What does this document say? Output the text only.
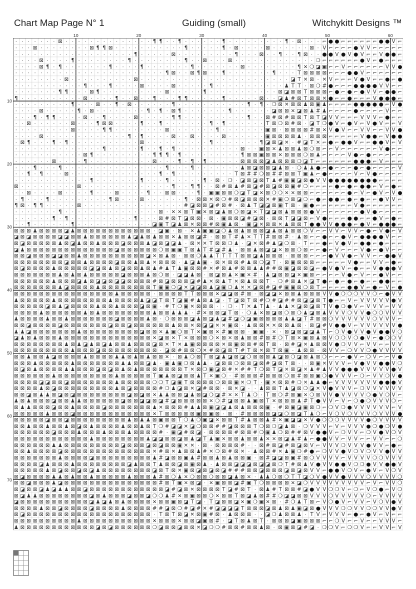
Chart Map Page N° 1	Guiding (small)	Witchykitt Designs ™
10	20	30	40	50	60
10
20
30
40
50
60
70
· · · · · · · ⊠ · · · · · · · · · · · · · · ¶ ¶ · · ¶ · · · · · · ¶ · · · · · · · · · ¶ · ⊠ · · · ⌐ ● ● ⌐ ⌐ ⌐ ⌐ ⌐ ⌐ ● ● V ⌐
· · · ⊠ · · · · · · · · ⊠ ¶ ¶ ⊠ · · · · · · · · · · · ¶ · · · · · ¶ · ⊠ · · · · ⊠ · · · · · · ⊠ · V ⌐ ⌐ ⌐ ⌐ ● V V ⌐ ⌐ ⌐ ⌐ ⌐
· · · · · · · · · · · · · · · · · · · ¶ · · · · · ⊠ · · · · · · · · · ¶ · · · ⊠ · · ¶ · · ¶ ⊠ · · ● ● V ● V ● V ⌐ ⌐ V ● ● ⌐
· · · · ⊠ · · · · ¶ · · · · · · · · ¶ · · · · · · · · ¶ · · ⊠ · · · ⊠ · · · · · · · · · · · · · ❍ ⌐ ⌐ ⌐ ⌐ ⌐ ⌐ ● V ⌐ ● ⌐ ⌐ ⌐
· · · · ⊠ ¶ · ¶ · · · · · · · ¶ · · · · ¶ · · · · · · · ¶ · · · · · · · ⊠ · · · · · · · · ¶ ✕ ❍ ◪ ▣ ⌐ ⌐ V ⌐ ⌐ ⌐ ⌐ ⌐ ⌐ V V ●
· · · · · · · · · · · · · · · · · · · · · · · · ¶ ⊠ · · ⊠ ¶ ⊠ · · ¶ · · · · · · · ¶ · · · T ⊠ ⊠ ⊠ ⊠ ⌐ ⌐ ⌐ ● ● V ⌐ ⌐ ⌐ ⌐ ⌐ ⌐
· · · · · · · · ⊠ · · · · · · · · · · ⊠ · · · · · · · · · · · · · · · · · · · · · · · · ◪ T ✕ ⊠ · ✕ V ⌐ ⌐ ⌐ V ● V ⌐ ⌐ ● ⌐ ●
· · · · · · · · · · · ¶ · · · ¶ · · · · ⊠ · · · · ⊠ · · · · · ¶ · · · · · · · · · · · ♟ T T · ⊠ ❍ # ● ⌐ ⌐ ⌐ ● ● ● ● V V ⌐ ⌐
· · · · · · · ¶ ¶ · · · ⊠ ¶ · · · · · · · · · · ⊠ · · · · · ¶ · · · · · · · · · · · ⊠ ◪ ⊠ ⊠ T ⊠ ⊠ ⊠ ⌐ ● ⌐ ● ⌐ ● V V ⌐ ● ● ⌐
¶ · · · · · · · · · · ⊠ · · · · ¶ · · ⊠ · · ¶ · · · ¶ ¶ · · · · · ¶ · · · · · ⊠ · · ◪ ♟ # ⊠ T ⊠ ⊠ ✕ ● ⌐ ⌐ ● ⌐ ⌐ ⌐ V ● ● ● ⌐
· · · · · · · · · ¶ · · · ⊠ · · ¶ · ⊠ · · · · · · ¶ · · · · · · · · · · · ¶ · ¶ · ❍ ⊠ ✕ ⊠ ⊠ ♟ ⊠ ▣ ♟ ⌐ ⌐ ⌐ ⌐ ● ● ● ● ● ⌐ V ●
· · · · ⊠ · · · · · ¶ · ⊠ · · · · · · · · ¶ · ¶ · ⊠ ¶ · · · · · · · ¶ · · · · · · ◪ ⊠ ⊠ ✕ ◪ ⊠ ♟ # ♟ ⌐ ⌐ ⌐ ⌐ ● ⌐ ⌐ ⌐ ⌐ V ⌐ ⌐
· · · ¶ · ¶ ¶ · · · · ⊠ · · ¶ · · · · ⊠ · · · · · ¶ ¶ · · · · · · · · · · ¶ · · ⊠ # ⊠ # ⊠ ⊠ T ⊠ T ◪ V V ⌐ ⌐ ⌐ V V V ⌐ ● ⌐ ⌐
· · ⊠ · · · · · · ⊠ · · · ¶ ⊠ ⊠ · · · · ¶ · · ¶ · · · · · · · ¶ · ¶ · · · · · · T ⊠ ❍ ⊠ # ⊠ · ◪ T ❍ ● V ⌐ ● V ⌐ V ● V ⌐ ⌐ V
· · · · · · · · · ⊠ · · · · ¶ ¶ · · · · · · · · ⊠ · · · · · · · ¶ · · · · · · · ▣ ⊠ · ⊠ ⊠ ⊠ ⊠ # ⊠ ✕ V ● V ⌐ ⌐ V V ⌐ ⌐ V V ●
· · · · ⊠ · · · · · · · · · · · · · ¶ · ¶ · · · · ⊠ · · ⊠ · · · · ⊠ · · · · · · ▣ ⊠ ⊠ ⊠ ⊠ ♟ · ⊠ ⊠ ⊠ ⌐ ⌐ ⌐ ⌐ ⌐ V ● ● ⌐ V ● ●
· ⊠ ¶ · · · ¶ · ¶ · · · · · · · · · · · ⊠ · · · · · · · · · · ¶ · · · · · · · ¶ ◪ ⊠ ◪ ✕ · # ◪ T ✕ ⌐ ● ⌐ ● ● V ⌐ ⌐ ● ● V ⌐ V
· · · · · · · · · · · · · · ¶ · · · · · ¶ · · ¶ · ¶ · · · · · · · · · · ⊠ · · ▣ ⊠ ✕ ♟ ⊠ ⊠ ♟ ⊠ ❍ ⊠ ⌐ ⌐ V ⌐ ⌐ ⌐ ⌐ ⌐ ⌐ V ● ⌐ ⌐
· · · · · · · · · · · ⊠ ¶ · · · · · · · · · ¶ ¶ ¶ · ¶ · · · · · · · · · ¶ ⊠ ⊠ ▣ ⊠ ⊠ ✕ ⊠ ⊠ ⊠ ❍ ⊠ ♟ ⌐ ⌐ ⌐ ⌐ V ● ⌐ ● ⌐ ⌐ ⌐ ⌐ ⌐
· · · · · · ⊠ · · · · ¶ · · · · · · · · · · ⊠ · · · ¶ · ¶ · ¶ · · · · · ⊠ ⊠ ⊠ ⊠ ◪ ♟ ⊠ ⊠ ⊠ ❍ ◪ T ⌐ ⌐ ⌐ ⌐ ⌐ ⌐ ● ● ● ⌐ V ⌐ ⌐ ⌐
· · · ¶ · · · ¶ · · · · · · · · · · · · · · · · ¶ · · · ¶ · · · · · · · ♟ ⊠ ◪ ⊠ ⊠ ◪ ♟ ⊠ · ❍ ♟ ♟ ● ⌐ ● ⌐ ⌐ ⌐ ● ⌐ ● ⌐ ⌐ ⌐ ⌐ V
· · ¶ · ¶ · · · ⊠ · · · · · · · · · · · · · · ¶ · ¶ · · · · · · · · · T ⊠ # # ❍ ⊠ # # ⊠ ⊠ T ▣ ♟ ⌐ ● ⌐ ⌐ ⌐ ⌐ V ⌐ V ● ⌐ ⌐ ⌐ ⌐
· · · · · · · · · · · · ¶ · · · · · · · ¶ · · · ¶ · · · · · ¶ · ⊠ · ❍ · ◪ ⊠ ◪ ⊠ T ♟ # ▣ ▣ ◪ ⊠ ● V V ● ● ● ● ● ● ● ● ⌐ ⌐ ⌐ ⌐
⊠ · · · · · · · · · ⊠ · · · · · · · · · · · · · · ¶ · · ¶ ¶ · · ⊠ # ⊠ ♟ # ⊠ ◪ # ⊠ ◪ ⊠ ⊠ ▣ # ❍ ⌐ ⌐ ⌐ ⌐ ● ⌐ ● ⌐ ● ● ⌐ V ⌐ ● ⌐
· · ⊠ · · · · ⊠ · · · · ¶ · · · ⊠ · · · · ¶ · · ⊠ ⊠ · · · ¶ · ▣ ▣ ⊠ ⊠ ❍ ◪ T ◪ ✕ ⊠ ❍ ❍ ✕ ✕ ⊠ ⊠ ⌐ ⌐ ⌐ ⌐ ⌐ ⌐ ● ⌐ V ⌐ ● V ⌐ V ●
· ¶ · · · ¶ · · · · · · · · · ¶ ⊠ · · · ⊠ · · · · · · ¶ · ⊠ ⊠ ✕ ⊠ ❍ # ⊠ ◪ ⊠ ⊠ ⊠ ✕ # ▣ ❍ ⊠ ◪ ❍ ⌐ ● ⌐ ● ● ⌐ ● ⌐ ● ⌐ ⌐ ● V V ⌐
¶ ⊠ · ¶ ¶ · · · · · ⊠ · · · · · · · · · · · · · · · · # ◪ ⊠ ⊠ ◪ # ⊠ # · ⊠ ♟ T ◪ ◪ ⊠ ▣ T ⊠ · ▣ ● ⌐ ⌐ ⌐ ⌐ ⌐ ⌐ V ● ⌐ ⌐ ⌐ ⌐ ⌐ ⌐
· · · · · · · ¶ · · · · · · · · · · · · · · · ⊠ · ✕ ✕ ⊠ T ▣ ✕ ⊠ ◪ ♟ ⊠ ❍ ⊠ ◪ ✕ T ◪ ◪ ⊠ ♟ ⊠ ⊠ ⊠ ● V ⌐ ⌐ ⌐ ⌐ ⌐ ⌐ ● V ● ⌐ ⌐ ⌐ ⌐
· · · · · · ¶ · ¶ · · · · · · · · · · ¶ · · · ⊠ # ⊠ T ◪ ⊠ ⊠ · ⊠ · ▣ ⊠ ⊠ ◪ # ◪ ⊠ · ⊠ ⊠ T ◪ ◪ ⊠ ⌐ V ● ⌐ ⌐ ⌐ ● ● ⌐ ⌐ ● V ⌐ ● ⌐
· · ¶ · · · · · · ¶ · · · · · · · · · · · · ◪ ▣ T ◪ ♟ ⊠ ✕ ⊠ ⊠ # ⊠ ▣ ♟ ⊠ · ▣ ◪ ✕ ⊠ ⊠ ✕ ♟ ⊠ ⊠ T ● ● V V ● ● ● ⌐ ● V ⌐ ● ● ● ⌐
⊠ ⊠ ⊠ ♟ ⊠ ⊠ ⊠ ⊠ ◪ ♟ ⊠ ⊠ ⊠ ⊠ ⊠ ⊠ ⊠ ⊠ ⊠ ⊠ ⊠ ⊠ · ◪ ▣ · ⊠ · ✕ ♟ ▣ ▣ ◪ ❍ ♟ ⊠ ♟ ⊠ ⊠ ⊠ ◪ ♟ ⊠ ♟ ⊠ ⊠ ❍ V ⌐ ⌐ V V ⌐ V V ⌐ ● ⌐ V ● ⌐ V
◪ ⊠ ◪ ⊠ ⊠ ⊠ ⊠ ◪ ◪ ⊠ ⊠ ♟ ⊠ ⊠ ⊠ ⊠ ⊠ ⊠ ♟ ◪ ♟ ⊠ ♟ ⊠ ⊠ ✕ ♟ ⊠ ⊠ ◪ # · ⊠ ⊠ T # ♟ ✕ T T # ⊠ ⊠ # · ♟ ⊠ ⌐ ⌐ ● ⌐ ⌐ ● V ⌐ ● ● ● ● V ⌐ ⌐
⊠ ◪ ⊠ ⊠ ⊠ ⊠ ⊠ ♟ ⊠ ◪ ♟ ⊠ ⊠ ♟ ⊠ ⊠ ⊠ ◪ ⊠ ⊠ ⊠ ♟ ◪ ⊠ ◪ ◪ ♟ · ⊠ ✕ ✕ T ⊠ ⊠ ❍ ♟ · ◪ ✕ ⊠ # ♟ ◪ ❍ ⊠ · T ⌐ ⌐ ● ⌐ V ● V ⌐ ● ● ⌐ ● ⌐ ⌐ ⌐
◪ ♟ ⊠ ⊠ ⊠ ⊠ ⊠ ⊠ ⊠ ⊠ ⊠ ⊠ ⊠ ⊠ ⊠ ⊠ ◪ ⊠ ⊠ ⊠ ⊠ ⊠ ⊠ ❍ ⊠ ▣ ▣ T ⊠ ♟ T # ◪ # ♟ · ⊠ ⊠ ♟ ⊠ ◪ ◪ ✕ ⊠ ⊠ ❍ ⊠ ⌐ ⌐ ● ⌐ V ⌐ ⌐ ⌐ V ● ⌐ ● V ⌐ ⌐
⊠ ⊠ ◪ ⊠ ⊠ ⊠ ◪ ◪ ⊠ ⊠ ♟ ⊠ ⊠ ⊠ ⊠ ⊠ ⊠ ⊠ ⊠ ⊠ ⊠ ◪ ✕ ⊠ ♟ ⊠ · ⊠ ⊠ ❍ ♟ ♟ T T T T ⊠ ⊠ ◪ ♟ ⊠ ⊠ ⊠ · ⊠ ⊠ ⊠ ⌐ ⌐ ⌐ ● V V ● ⌐ V V ⌐ ⌐ ● ● V
⊠ ⊠ ⊠ ⊠ ⊠ ⊠ ⊠ ⊠ ◪ ⊠ ⊠ ♟ ⊠ ⊠ ⊠ ⊠ ◪ ⊠ ⊠ ♟ ⊠ ♟ ✕ ⊠ ⊠ ⊠ · ♟ ◪ ♟ ▣ · ⊠ ✕ ⊠ ⊠ # ♟ ⊠ ❍ ◪ T · ⊠ ▣ ⊠ ⊠ ⊠ ⌐ ⌐ ⌐ ⌐ ⌐ V ● ⌐ ⌐ V V ⌐ ● ⌐
⊠ ◪ ⊠ ⊠ ⊠ ⊠ ♟ ⊠ ⊠ ⊠ ⊠ ⊠ ◪ ◪ ⊠ ♟ ⊠ ◪ ⊠ ⊠ ♟ ⊠ ♟ # ♟ T ♟ ▣ ⊠ ⊠ # ✕ # ⊠ ♟ # ⊠ ⊠ ♟ ♟ # # ⊠ ▣ ◪ ⊠ ⊠ ◪ ⌐ ● V ● V ⌐ ● ⌐ ⌐ V ● ● ● V
⊠ ⊠ ⊠ ⊠ ⊠ ⊠ ⊠ ♟ ⊠ ♟ ⊠ ♟ ⊠ ⊠ ⊠ ⊠ ⊠ ◪ ⊠ ⊠ ⊠ ♟ ⊠ ❍ ⊠ · ◪ ◪ ♟ ⊠ · ⊠ ◪ ⊠ ♟ ✕ ▣ ✕ # · ♟ ◪ ⊠ ⊠ ◪ ✕ ▣ ⊠ ⌐ ⌐ ⌐ ⌐ V ● ⌐ V ⌐ ⌐ ● V ⌐ ⌐
⊠ ⊠ ⊠ ⊠ ⊠ ⊠ ♟ ⊠ ⊠ ⊠ ◪ ♟ ⊠ ◪ ◪ ⊠ ◪ ◪ ⊠ ⊠ ⊠ ⊠ # ⊠ ◪ ⊠ ⊠ ⊠ ◪ # ♟ ✕ ⊠ ♟ T ✕ ⊠ ♟ ⊠ ⊠ T · ❍ # ⊠ ♟ ✕ ◪ T ● ⌐ ● ⌐ ● ⌐ ● ⌐ ⌐ ● ● ⌐ ⌐
⊠ ⊠ ⊠ ⊠ ⊠ ⊠ ⊠ ♟ ◪ ⊠ ⊠ ⊠ ⊠ ♟ ⊠ ⊠ ⊠ ⊠ ⊠ ⊠ ⊠ ⊠ T ▣ ▣ ❍ ◪ ✕ ◪ ◪ ⊠ ♟ ◪ ▣ ❍ ♟ ✕ ✕ ◪ ⊠ # ◪ # ▣ ▣ ⊠ ❍ ⊠ T ⌐ ⌐ ⌐ ⌐ ● ● V ⌐ ● ⌐ V ⌐ ●
⊠ ⊠ ⊠ ⊠ ⊠ ⊠ ⊠ ⊠ ⊠ ⊠ ⊠ ⊠ ⊠ ⊠ ⊠ ⊠ ♟ ⊠ ⊠ ⊠ ⊠ ⊠ · ⊠ ⊠ ⊠ ⊠ T T ⊠ ⊠ ⊠ ✕ ◪ ◪ ⊠ # ⊠ · ⊠ ◪ ◪ ✕ ⊠ ⊠ ♟ ⊠ ⊠ ⊠ V V ● ❍ ❍ ❍ V V ❍ ⌐ ● V V
♟ ⊠ ⊠ ⊠ ⊠ ⊠ ♟ ⊠ ⊠ ⊠ ⊠ ⊠ ⊠ ⊠ ⊠ ♟ ⊠ ⊠ ⊠ ⊠ ♟ ◪ ◪ T ⊠ T ◪ ▣ # ♟ ⊠ ♟ ◪ · T ◪ ⊠ T ⊠ # ❍ # ◪ # # ⊠ ◪ ◪ ⊠ T ● ⌐ ⌐ V ⌐ V V V V V ● V
⊠ ⊠ ⊠ ⊠ ⊠ ◪ ⊠ ♟ ◪ ⊠ ⊠ ⊠ ⊠ ♟ ⊠ ⊠ ♟ ⊠ ⊠ ⊠ ◪ ⊠ ▣ · # T ❍ ▣ ✕ ⊠ ⊠ ⊠ · · ❍ · T ✕ ♟ T ♟ · ♟ ♟ ✕ ◪ ⊠ ◪ ⊠ T V ● ❍ ● V ⌐ V V V ⌐ V V
⊠ ⊠ ⊠ ⊠ ♟ ⊠ ⊠ ⊠ ⊠ ⊠ ⊠ ♟ ⊠ ♟ ⊠ ⊠ ⊠ ⊠ ⊠ ⊠ ⊠ ⊠ ♟ ⊠ ⊠ ♟ ♟ ♟ · # ✕ ⊠ ⊠ ◪ T ⊠ · ❍ ♟ ✕ ⊠ ◪ ⊠ ❍ ⊠ ❍ ♟ ◪ ⊠ ♟ V V V ❍ V V ● ❍ ❍ V V V
♟ ⊠ ⊠ ⊠ ⊠ ♟ ⊠ ⊠ ♟ ⊠ ⊠ ⊠ ⊠ ⊠ ⊠ ⊠ ◪ ⊠ ⊠ ⊠ ⊠ ♟ ⊠ · ❍ ⊠ ⊠ ⊠ ◪ ♟ ⊠ ◪ ♟ ◪ # ◪ ❍ ◪ ▣ ⊠ ⊠ ⊠ ⊠ ♟ ♟ ◪ T # ⊠ ⊠ ❍ V V V V V V ❍ V V V ⌐
⊠ ⊠ ◪ ⊠ ⊠ ⊠ ⊠ ◪ ⊠ ⊠ ⊠ ⊠ ⊠ ⊠ ⊠ ◪ ⊠ ⊠ ◪ ⊠ ⊠ ⊠ ⊠ ⊠ ⊠ ♟ ⊠ ⊠ ✕ ⊠ ◪ ◪ ✕ ✕ ▣ ⊠ · ♟ ⊠ ⊠ ✕ ✕ ⊠ ⊠ ♟ ⊠ · ⊠ ◪ # V ● ● V ⌐ V V V V V V ●
♟ ♟ ◪ ⊠ ⊠ ⊠ ⊠ ⊠ ⊠ ⊠ ♟ ⊠ ⊠ ⊠ ⊠ ⊠ ⊠ ⊠ ⊠ ⊠ ◪ ⊠ ⊠ ✕ ♟ ▣ ❍ ⊠ T ✕ ▣ ⊠ ✕ # ▣ ⊠ ⊠ · ▣ ▣ · ✕ · ⊠ ◪ ⊠ ◪ ◪ ♟ T ⌐ ❍ V ● V V ● V ● ● V ❍
◪ ♟ ⊠ ♟ ⊠ ⊠ ⊠ ♟ ⊠ ⊠ ⊠ ⊠ ⊠ ⊠ ⊠ ⊠ ⊠ ⊠ ⊠ ⊠ ⊠ ⊠ ✕ ◪ ⊠ ✕ T ✕ ⊠ ⊠ ⊠ ❍ ✕ ⊠ ✕ ⊠ ♟ ⊠ ⊠ # ⊠ # ❍ T ⊠ ✕ ▣ ⊠ ♟ ⊠ V ❍ ❍ V ❍ ● V ⌐ ● ❍ ❍ V
⊠ ⊠ ⊠ ⊠ ⊠ ⊠ ⊠ ⊠ ♟ ⊠ ♟ ◪ ♟ ⊠ ◪ ♟ ⊠ ⊠ ♟ ⊠ ⊠ ⊠ ◪ ⊠ ✕ T ✕ ♟ ▣ ⊠ ⊠ ⊠ ⊠ ✕ ⊠ ▣ ⊠ ⊠ # ⊠ T ⊠ · ⊠ # ◪ ✕ ♟ ⊠ ⊠ V ● ❍ V V ⌐ V V ⌐ ⌐ V V
⊠ ⊠ ⊠ ⊠ ⊠ ⊠ ⊠ ⊠ ⊠ ♟ ⊠ ⊠ ⊠ ◪ ⊠ ⊠ ⊠ ⊠ ⊠ ⊠ ⊠ ⊠ ⊠ · ◪ ⊠ # ⊠ ⊠ ❍ ✕ # ⊠ ◪ ⊠ T # T ⊠ ✕ ⊠ T ⊠ ▣ · ♟ ⊠ ⊠ · ⊠ V V ⌐ ❍ V V ❍ ● V V V V
⊠ ⊠ ♟ ⊠ ⊠ ♟ ◪ ⊠ ⊠ ⊠ ⊠ ♟ ⊠ ⊠ ⊠ ⊠ ♟ ♟ ⊠ ♟ ⊠ ♟ ⊠ ⊠ ✕ · ⊠ ♟ ❍ ⊠ T ⊠ ◪ ♟ ◪ ⊠ ◪ ❍ ⊠ ⊠ ⊠ ♟ ◪ ⊠ ❍ ◪ ⊠ ♟ ⊠ ❍ ⌐ ⌐ ⌐ ● V ⌐ ❍ V ⌐ ⌐ V ●
⊠ ⊠ ⊠ ♟ ⊠ ⊠ ⊠ ⊠ ⊠ ♟ ⊠ ⊠ ⊠ ⊠ ⊠ ⊠ ⊠ ♟ ♟ ⊠ ⊠ ◪ ♟ · ▣ ♟ ▣ ❍ ⊠ ♟ ♟ · ◪ ⊠ ⊠ ❍ ⊠ ⊠ ◪ ⊠ # ◪ ⊠ T ⊠ · · ⊠ ▣ ✕ V V V ⌐ V ● V V ● ● V ❍
⊠ ◪ ⊠ ♟ ⊠ ⊠ ⊠ ⊠ ♟ ♟ ⊠ ⊠ ⊠ ◪ ⊠ ◪ ⊠ ♟ ⊠ ♟ ⊠ ⊠ ⊠ ⊠ ⊠ ⊠ ⊠ T ✕ ⊠ ❍ ▣ ◪ ⊠ # ✕ # # T ❍ ⊠ T ◪ ✕ ⊠ ◪ ✕ ♟ # ♟ V V ● ● ● V V V V V ● V
⊠ ⊠ ⊠ ⊠ ⊠ ⊠ ♟ ⊠ ⊠ ⊠ ⊠ ⊠ ⊠ ⊠ ⊠ ⊠ ♟ ⊠ ⊠ ⊠ ⊠ ⊠ T ▣ ♟ ⊠ ◪ ⊠ ⊠ ♟ T ✕ ▣ ❍ · # ⊠ ⊠ ⊠ # ⊠ ⊠ ⊠ ❍ ⊠ # ⊠ ⊠ ▣ ❍ ● V V V ⌐ ❍ ⌐ V V ❍ V ●
⊠ ⊠ ⊠ ⊠ ◪ ◪ ⊠ ⊠ ◪ ⊠ ⊠ ⊠ ⊠ ⊠ ⊠ ⊠ ♟ ⊠ ⊠ ⊠ ⊠ ⊠ ❍ ❍ T ◪ ▣ T ⊠ ⊠ ⊠ ⊠ ❍ ⊠ ⊠ ▣ ✕ ❍ T · ▣ ✕ ⊠ ⊠ # ❍ ✕ ♟ ♟ ● ⌐ V V V V V V V ● ● ● V
⊠ ⊠ ⊠ ⊠ ♟ ⊠ ◪ ⊠ ⊠ ⊠ ⊠ ⊠ ⊠ ⊠ ⊠ ⊠ ♟ ⊠ ◪ ⊠ ⊠ ⊠ ⊠ # ❍ ♟ ◪ ⊠ ✕ ◪ # ⊠ ⊠ · ⊠ ✕ ◪ · · ♟ ⊠ ⊠ T ♟ ◪ ⊠ ❍ ◪ ✕ V ● V V V ⌐ ❍ V V V V V V
⊠ ⊠ ◪ ⊠ ♟ ♟ ⊠ ◪ ⊠ ◪ ⊠ ⊠ ⊠ ⊠ ⊠ ⊠ ⊠ ⊠ ◪ ⊠ ◪ ⊠ ✕ ♟ ♟ ⊠ ⊠ ◪ ♟ ⊠ ◪ ❍ ◪ # ✕ ✕ T ♟ ❍ · T ⊠ ❍ # ⊠ ▣ ✕ ❍ ⊠ V V ● V V V V ❍ ● V ❍ V ⌐
♟ ⊠ ♟ ⊠ ⊠ ⊠ ◪ ⊠ ⊠ ♟ ♟ ⊠ ⊠ ⊠ ⊠ ⊠ ⊠ ◪ ⊠ ⊠ ◪ ◪ ⊠ ◪ # ◪ ⊠ ⊠ ⊠ ⊠ ⊠ ✕ ❍ # ◪ ⊠ ⊠ ♟ ▣ ⊠ T ✕ ⊠ ⊠ ⊠ ♟ # T ● V V ⌐ V ⌐ ❍ ● ❍ V V V ❍ ⌐
⊠ ♟ ♟ ⊠ ⊠ ⊠ ◪ ⊠ ⊠ ♟ ⊠ ⊠ ⊠ ⊠ ◪ ⊠ ⊠ ⊠ ⊠ ⊠ ⊠ ⊠ ♟ ✕ ⊠ ⊠ ⊠ # ♟ ♟ ⊠ ▣ ◪ ◪ ♟ ⊠ ♟ ⊠ ⊠ ⊠ ▣ · # ⊠ ▣ ◪ ▣ ⊠ ❍ ⌐ ❍ V ❍ ● V V V V V V ⌐ V
⊠ ⊠ ⊠ ⊠ ⊠ ♟ ⊠ ⊠ ⊠ ◪ ⊠ ⊠ ⊠ ⊠ ⊠ ⊠ ⊠ ⊠ ⊠ ⊠ ⊠ ⊠ ✕ T ⊠ ⊠ ⊠ ⊠ ⊠ ▣ ⊠ ▣ ⊠ · ⊠ · # ⊠ ⊠ ⊠ ⊠ ◪ ◪ ❍ ⊠ ◪ T ♟ ❍ ⌐ V ❍ V ❍ V V V ❍ V V V ●
⊠ ⊠ ⊠ ⊠ ⊠ ◪ ⊠ ⊠ ◪ ⊠ ⊠ ⊠ ⊠ ⊠ ⊠ ⊠ ⊠ ⊠ ♟ ⊠ ♟ ♟ ⊠ ▣ ⊠ ⊠ T ❍ ♟ ❍ ▣ ◪ ✕ ⊠ ⊠ T # ♟ ⊠ ⊠ ♟ # ✕ ▣ ◪ ◪ ✕ V ● ❍ ❍ ❍ V V V V ● ❍ V V V V
⊠ ⊠ ♟ ⊠ ⊠ ♟ ⊠ ⊠ ♟ ⊠ ◪ ⊠ ♟ ⊠ ⊠ ⊠ ⊠ ♟ ⊠ ⊠ ♟ ⊠ T ❍ # ◪ ◪ ✕ ◪ ❍ ⊠ ⊠ # # ◪ ⊠ ⊠ ⊠ T ❍ ⊠ ❍ ◪ ♟ ⊠ · ❍ V V V ⌐ V ⌐ V V V ● ❍ ● ❍ V ●
⊠ ⊠ ⊠ ⊠ ⊠ ⊠ ◪ ⊠ ⊠ ⊠ ♟ ⊠ ⊠ ⊠ ♟ ⊠ ⊠ ⊠ ♟ ⊠ ⊠ ⊠ ⊠ # · ▣ ◪ # ⊠ ◪ · ⊠ ⊠ ⊠ ⊠ # ⊠ ⊠ # ❍ ▣ ♟ ❍ ⊠ # # ⊠ V ● ● V ⌐ ❍ V V ⌐ ❍ V ● V ❍ V
⊠ ⊠ ⊠ ⊠ ⊠ ⊠ ⊠ ⊠ ⊠ ⊠ ⊠ ⊠ ♟ ⊠ ⊠ ⊠ ⊠ ⊠ ⊠ ⊠ ⊠ ♟ ◪ ◪ ⊠ ⊠ ◪ ⊠ ♟ ◪ T ♟ ▣ ✕ ⊠ ⊠ ♟ ⊠ ⊠ ♟ ✕ ✕ ⊠ ◪ ♟ # ♟ ⌐ ● ● V V ⌐ V V ⌐ ⌐ V V ⌐ ⌐ ❍
⊠ ⊠ ⊠ ⊠ ⊠ ⊠ ♟ ♟ ⊠ ⊠ ⊠ ⊠ ⊠ ⊠ ⊠ ⊠ ⊠ ◪ ⊠ ⊠ ⊠ ◪ ⊠ ◪ ⊠ ⊠ ▣ ✕ ✕ · ⊠ · ⊠ ⊠ ⊠ ⊠ # · · ⊠ # ⊠ ◪ # ⊠ ◪ ⊠ V ⌐ V V V ❍ V V V ● V V ⌐ ● ⌐
⊠ ⊠ ♟ ⊠ ⊠ ⊠ ⊠ ◪ ⊠ ⊠ ⊠ ⊠ ⊠ ⊠ ⊠ ⊠ ⊠ ⊠ ⊠ ⊠ ⊠ ⊠ ✕ # ⊠ ✕ ♟ ⊠ ⊠ ♟ # ✕ ❍ ⊠ # ⊠ ✕ · ♟ ⊠ ⊠ # ✕ ♟ ▣ ❍ # ● ⌐ ❍ V V ● V ❍ V ❍ V V ● V V
⊠ ⊠ ⊠ ⊠ ⊠ ⊠ ⊠ ♟ ⊠ ⊠ ⊠ ⊠ ◪ ⊠ ⊠ ⊠ ⊠ ⊠ ⊠ ⊠ ⊠ ⊠ ♟ # ◪ ⊠ ⊠ ▣ ♟ # ⊠ ⊠ ♟ ⊠ ♟ ⊠ ⊠ ▣ · ⊠ # ◪ ◪ ⊠ ▣ # ⊠ ❍ V V V V ⌐ V V V V ❍ ❍ V V V
⊠ ⊠ ⊠ ⊠ ◪ ♟ ⊠ ⊠ ⊠ ♟ ⊠ ⊠ ⊠ ⊠ ⊠ ⊠ ⊠ ⊠ ◪ ♟ ⊠ ⊠ T ♟ ⊠ ⊠ ◪ ⊠ ▣ ⊠ ♟ · ♟ ⊠ ⊠ ◪ ◪ ◪ ⊠ ◪ ◪ ⊠ ❍ T # ⊠ ♟ V ● V V ● ● V ❍ ❍ ● V V ● ● V
⊠ ⊠ ⊠ ⊠ ⊠ ♟ ⊠ ◪ ⊠ ⊠ ◪ ⊠ ◪ ♟ ⊠ ⊠ ⊠ ⊠ ⊠ ⊠ ⊠ ⊠ ◪ ⊠ T ⊠ ✕ ▣ ⊠ ◪ ⊠ ◪ ⊠ ◪ # # # ⊠ ⊠ ◪ ⊠ ⊠ ⊠ ◪ ⊠ ◪ ⊠ V V ⌐ ● ● V ❍ V ⌐ ● V ⌐ V ❍ V
⊠ ◪ ⊠ ⊠ ⊠ ⊠ ♟ ♟ ⊠ ♟ ⊠ ⊠ ♟ ⊠ ⊠ ⊠ ⊠ ⊠ ♟ ⊠ ⊠ ⊠ ♟ # ⊠ ❍ ♟ ✕ ❍ ⊠ ⊠ ❍ ⊠ ⊠ ◪ ♟ ⊠ ✕ · ♟ ♟ ❍ ⊠ ❍ T T ◪ ❍ V ● V V ● V V V ❍ V V V V ❍
⊠ ⊠ ◪ ⊠ ⊠ ⊠ ♟ ◪ ⊠ ⊠ ⊠ ⊠ ⊠ ⊠ ⊠ ⊠ ⊠ ⊠ ⊠ ⊠ ⊠ ⊠ ⊠ # ⊠ T ▣ ✕ ⊠ ◪ · ✕ ▣ ⊠ ⊠ ◪ # ▣ T ❍ ⊠ ⊠ ⊠ ⊠ ✕ ◪ ❍ V V V V V V V V V ⌐ V ⌐ V V ❍
⊠ ◪ ⊠ ⊠ ◪ ♟ ◪ ♟ ♟ ⊠ ⊠ ◪ ⊠ ⊠ ⊠ ⊠ ⊠ ⊠ ⊠ ⊠ ⊠ ⊠ ⊠ ⊠ ◪ # ◪ ⊠ ✕ ⊠ ⊠ ⊠ ⊠ T ◪ # ⊠ T · ⊠ ♟ # T ⊠ ⊠ # ◪ ● V V ❍ ❍ V ⌐ ❍ ⌐ V ❍ ● ⌐ V ❍
⊠ ◪ ♟ ♟ ⊠ ⊠ ⊠ ⊠ ⊠ ⊠ ⊠ ⊠ ◪ ⊠ ♟ ⊠ ⊠ ⊠ ◪ ⊠ ⊠ ◪ ❍ ❍ ♟ # ✕ ⊠ ▣ ⊠ ⊠ ❍ ✕ ⊠ ⊠ T ⊠ ◪ ♟ ⊠ # # ❍ ◪ ◪ ⊠ ⊠ V V V ❍ V V V V V ❍ ⌐ V V V V
◪ ⊠ ⊠ ⊠ ⊠ ⊠ ⊠ ⊠ ⊠ ⊠ ⊠ ⊠ ◪ ♟ ◪ ♟ ⊠ ♟ ⊠ ⊠ ⊠ ⊠ ✕ ⊠ ⊠ ▣ ⊠ ◪ T ◪ · T ◪ ⊠ ⊠ ◪ ✕ ▣ ❍ ▣ ✕ ⊠ · # ❍ ♟ T ⊠ ⌐ V ❍ ● V ⌐ V V ⌐ V ❍ V ● V
⊠ ⊠ ⊠ ⊠ ♟ ⊠ ⊠ ◪ ⊠ ⊠ ⊠ ⊠ ◪ ⊠ ⊠ ⊠ ⊠ ♟ ⊠ ⊠ ⊠ ⊠ # # ◪ ⊠ ❍ # ◪ # ✕ # ◪ ◪ ◪ ◪ T ⊠ ⊠ ⊠ ◪ ⊠ ♟ ⊠ ♟ ▣ ◪ ⊠ ● V V V ❍ ❍ V V ❍ ❍ V V ● V
⊠ ◪ ⊠ ⊠ ⊠ ⊠ ⊠ ⊠ ⊠ ⊠ ⊠ ⊠ ⊠ ⊠ ⊠ ⊠ ⊠ ⊠ ⊠ ⊠ ⊠ ⊠ · T ⊠ T ⊠ ◪ ✕ ⊠ ▣ # ⊠ · ♟ ⊠ ⊠ ⊠ · · ◪ ❍ ♟ ⊠ ⊠ ♟ · T V ⌐ V V V ⌐ ● ⌐ ● V ⌐ V ⌐ ⌐
⊠ ⊠ ⊠ ⊠ ⊠ ⊠ ⊠ ⊠ ⊠ ⊠ ♟ ⊠ ⊠ ⊠ ⊠ ⊠ ⊠ ⊠ ⊠ ⊠ ⊠ ⊠ ✕ ⊠ ⊠ ⊠ ✕ ⊠ ⊠ ◪ ▣ ⊠ # · ◪ T ⊠ ♟ ⊠ T · ⊠ ⊠ ⊠ ◪ ▣ ⊠ ⊠ ⊠ ⌐ ⌐ ❍ V ⌐ ⌐ V ⌐ ⌐ V V V ⌐
♟ ⊠ ⊠ ⊠ ⊠ ⊠ ⊠ ⊠ ⊠ ⊠ ⊠ ⊠ ⊠ ◪ ⊠ ◪ ⊠ ⊠ ⊠ ⊠ ⊠ ⊠ ❍ ◪ ⊠ ⊠ ◪ ⊠ ⊠ ✕ ◪ ❍ ❍ # ⊠ ⊠ # ⊠ ⊠ ♟ ⊠ · ⊠ ▣ ⊠ ◪ # ◪ · ❍ ❍ V ⌐ ❍ ❍ V ⌐ ⌐ V V ⌐ V
